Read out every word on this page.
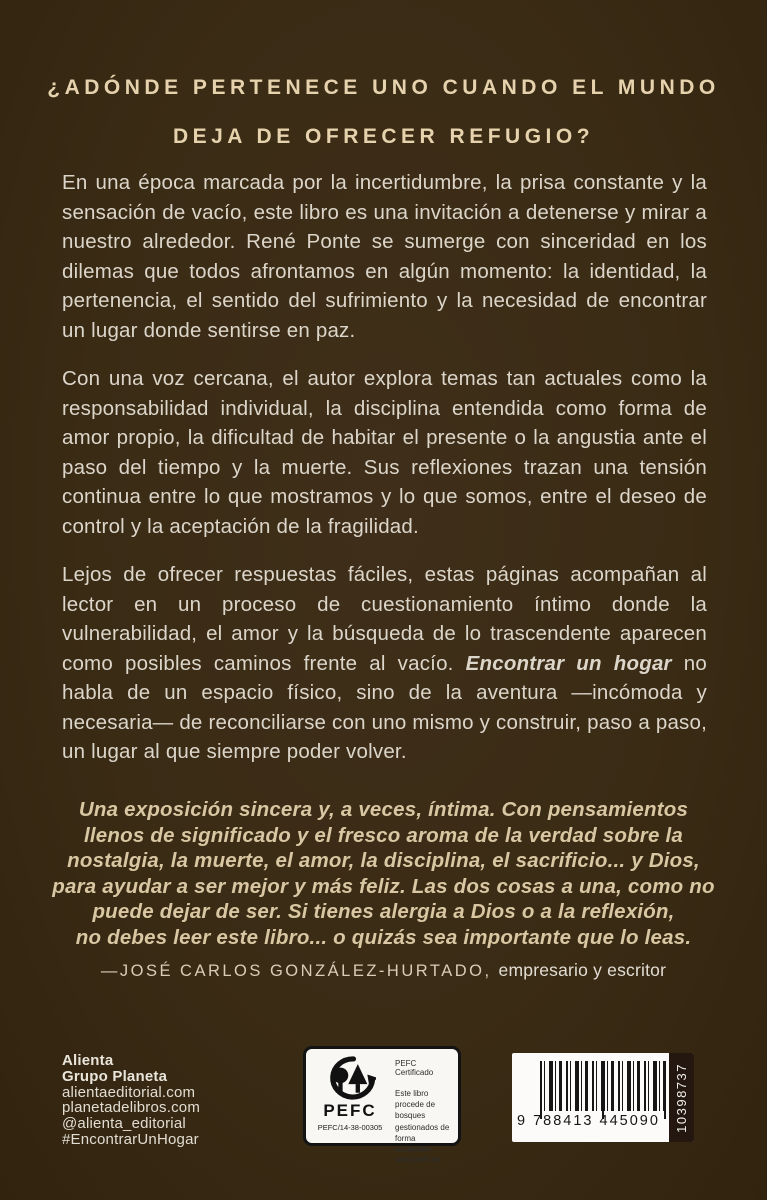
¿ADÓNDE PERTENECE UNO CUANDO EL MUNDO
DEJA DE OFRECER REFUGIO?

En una época marcada por la incertidumbre, la prisa constante y la sensación de vacío, este libro es una invitación a detenerse y mirar a nuestro alrededor. René Ponte se sumerge con sinceridad en los dilemas que todos afrontamos en algún momento: la identidad, la pertenencia, el sentido del sufrimiento y la necesidad de encontrar un lugar donde sentirse en paz.

Con una voz cercana, el autor explora temas tan actuales como la responsabilidad individual, la disciplina entendida como forma de amor propio, la dificultad de habitar el presente o la angustia ante el paso del tiempo y la muerte. Sus reflexiones trazan una tensión continua entre lo que mostramos y lo que somos, entre el deseo de control y la aceptación de la fragilidad.

Lejos de ofrecer respuestas fáciles, estas páginas acompañan al lector en un proceso de cuestionamiento íntimo donde la vulnerabilidad, el amor y la búsqueda de lo trascendente aparecen como posibles caminos frente al vacío. Encontrar un hogar no habla de un espacio físico, sino de la aventura —incómoda y necesaria— de reconciliarse con uno mismo y construir, paso a paso, un lugar al que siempre poder volver.

Una exposición sincera y, a veces, íntima. Con pensamientos
llenos de significado y el fresco aroma de la verdad sobre la
nostalgia, la muerte, el amor, la disciplina, el sacrificio... y Dios,
para ayudar a ser mejor y más feliz. Las dos cosas a una, como no
puede dejar de ser. Si tienes alergia a Dios o a la reflexión,
no debes leer este libro... o quizás sea importante que lo leas.
—JOSÉ CARLOS GONZÁLEZ-HURTADO, empresario y escritor
Alienta
Grupo Planeta
alientaeditorial.com
planetadelibros.com
@alienta_editorial
#EncontrarUnHogar
PEFC
PEFC/14-38-00305
PEFC Certificado
Este libro procede de bosques gestionados de forma sostenible
www.pefc.es
9 788413 445090	10398737
